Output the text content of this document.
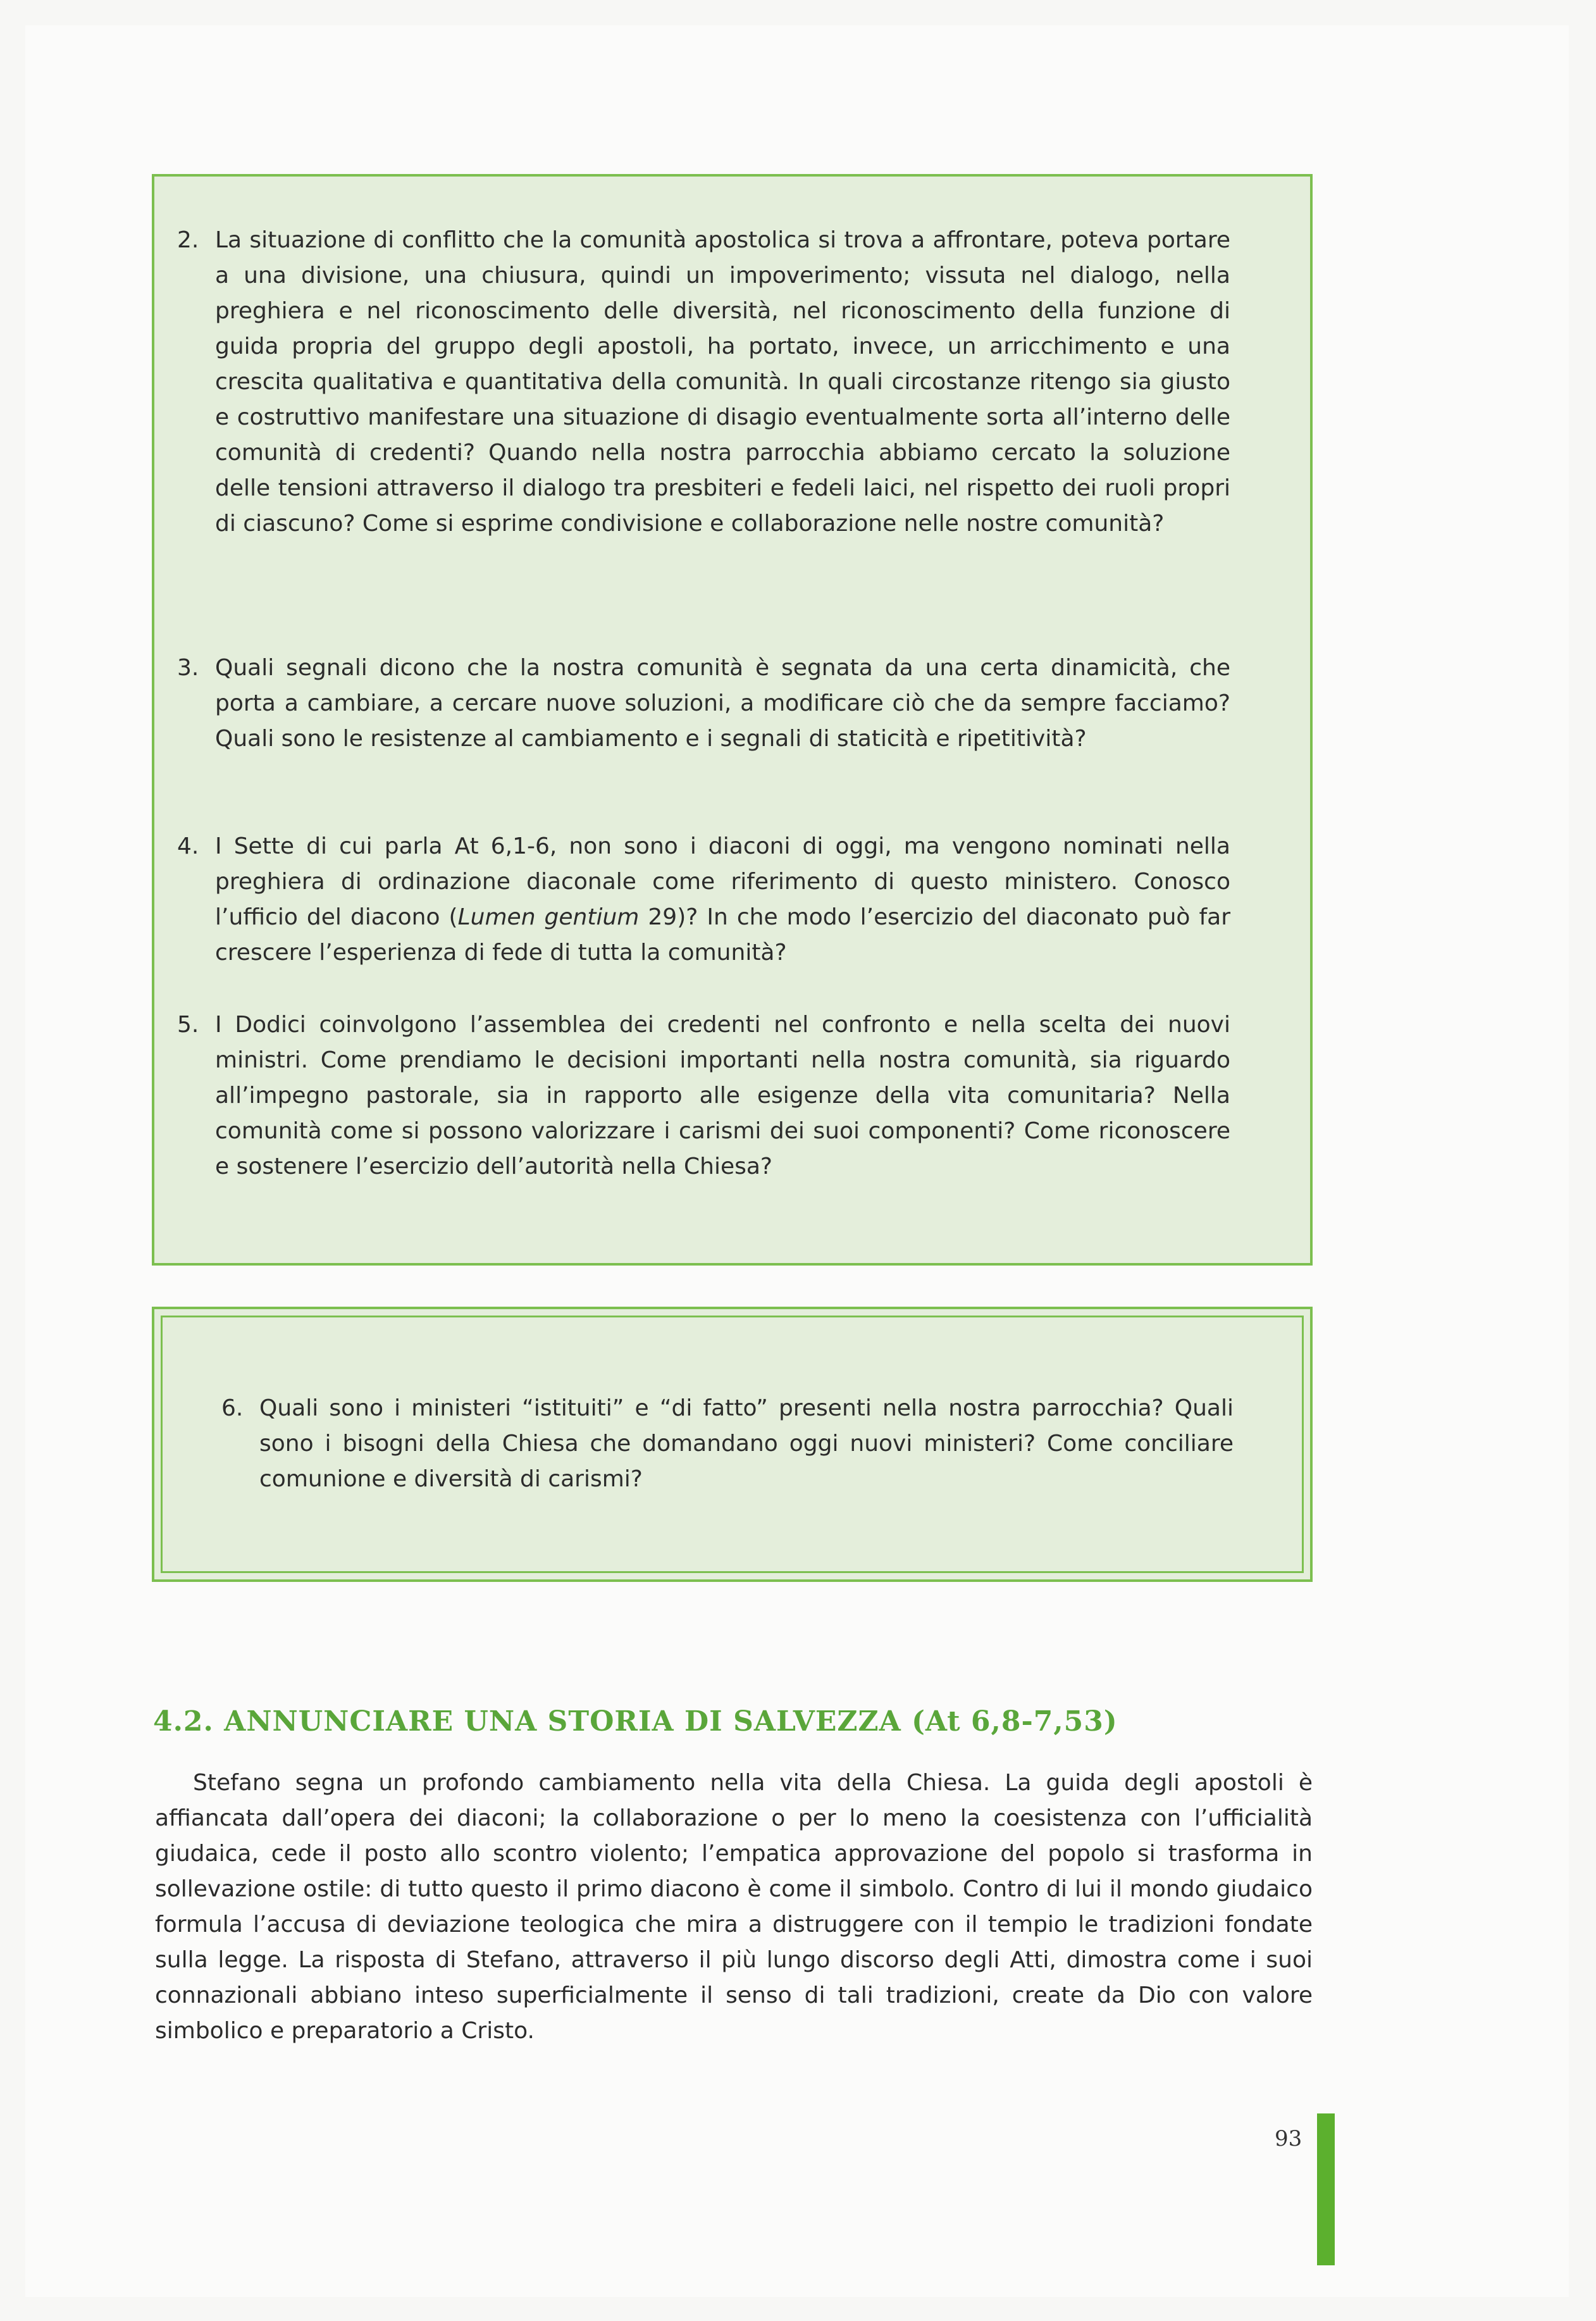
2. La situazione di conflitto che la comunità apostolica si trova a affrontare, poteva portare a una divisione, una chiusura, quindi un impoverimento; vissuta nel dialogo, nella preghiera e nel riconoscimento delle diversità, nel riconoscimento della funzione di guida propria del gruppo degli apostoli, ha portato, invece, un arricchimento e una crescita qualitativa e quantitativa della comunità. In quali circostanze ritengo sia giusto e costruttivo manifestare una situazione di disagio eventualmente sorta all’interno delle comunità di credenti? Quando nella nostra parrocchia abbiamo cercato la soluzione delle tensioni attraverso il dialogo tra presbiteri e fedeli laici, nel rispetto dei ruoli propri di ciascuno? Come si esprime condivisione e collaborazione nelle nostre comunità?
3. Quali segnali dicono che la nostra comunità è segnata da una certa dinamicità, che porta a cambiare, a cercare nuove soluzioni, a modificare ciò che da sempre facciamo? Quali sono le resistenze al cambiamento e i segnali di staticità e ripetitività?
4. I Sette di cui parla At 6,1-6, non sono i diaconi di oggi, ma vengono nominati nella preghiera di ordinazione diaconale come riferimento di questo ministero. Conosco l’ufficio del diacono (Lumen gentium 29)? In che modo l’esercizio del diaconato può far crescere l’esperienza di fede di tutta la comunità?
5. I Dodici coinvolgono l’assemblea dei credenti nel confronto e nella scelta dei nuovi ministri. Come prendiamo le decisioni importanti nella nostra comunità, sia riguardo all’impegno pastorale, sia in rapporto alle esigenze della vita comunitaria? Nella comunità come si possono valorizzare i carismi dei suoi componenti? Come riconoscere e sostenere l’esercizio dell’autorità nella Chiesa?
6. Quali sono i ministeri “istituiti” e “di fatto” presenti nella nostra parrocchia? Quali sono i bisogni della Chiesa che domandano oggi nuovi ministeri? Come conciliare comunione e diversità di carismi?
4.2. ANNUNCIARE UNA STORIA DI SALVEZZA (At 6,8-7,53)
Stefano segna un profondo cambiamento nella vita della Chiesa. La guida degli apostoli è affiancata dall’opera dei diaconi; la collaborazione o per lo meno la coesistenza con l’ufficialità giudaica, cede il posto allo scontro violento; l’empatica approvazione del popolo si trasforma in sollevazione ostile: di tutto questo il primo diacono è come il simbolo. Contro di lui il mondo giudaico formula l’accusa di deviazione teologica che mira a distruggere con il tempio le tradizioni fondate sulla legge. La risposta di Stefano, attraverso il più lungo discorso degli Atti, dimostra come i suoi connazionali abbiano inteso superficialmente il senso di tali tradizioni, create da Dio con valore simbolico e preparatorio a Cristo.
93
